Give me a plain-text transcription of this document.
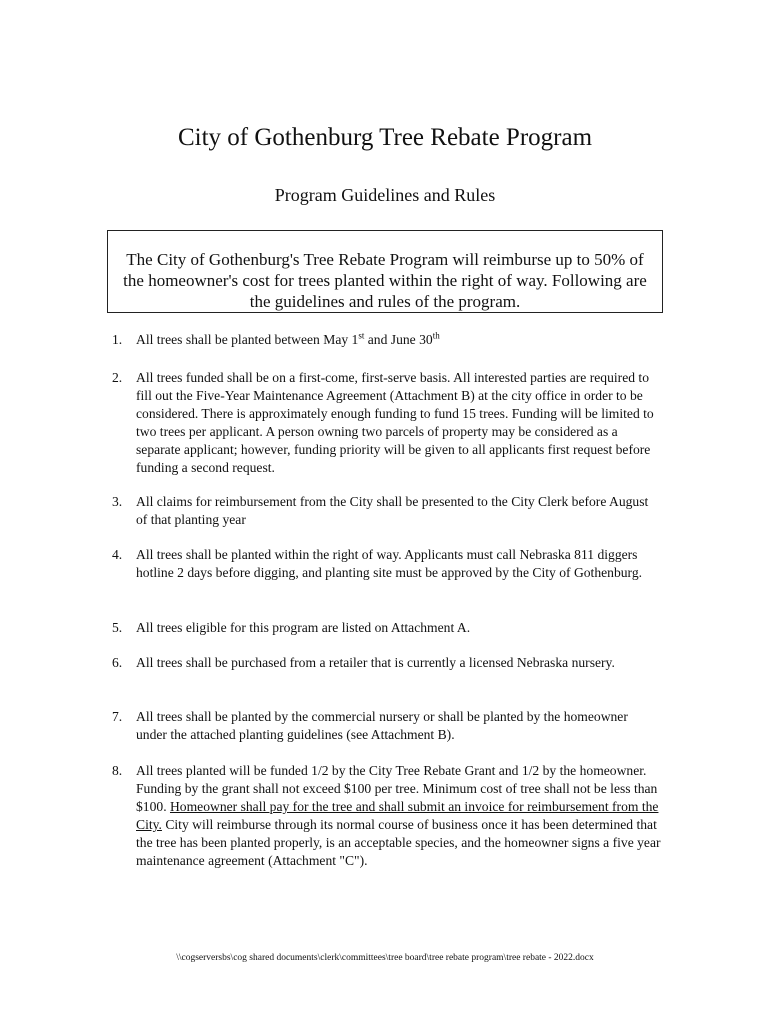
City of Gothenburg Tree Rebate Program
Program Guidelines and Rules
The City of Gothenburg's Tree Rebate Program will reimburse up to 50% of the homeowner's cost for trees planted within the right of way. Following are the guidelines and rules of the program.
1.	All trees shall be planted between May 1st and June 30th
2.	All trees funded shall be on a first-come, first-serve basis. All interested parties are required to fill out the Five-Year Maintenance Agreement (Attachment B) at the city office in order to be considered. There is approximately enough funding to fund 15 trees. Funding will be limited to two trees per applicant. A person owning two parcels of property may be considered as a separate applicant; however, funding priority will be given to all applicants first request before funding a second request.
3.	All claims for reimbursement from the City shall be presented to the City Clerk before August of that planting year
4.	All trees shall be planted within the right of way. Applicants must call Nebraska 811 diggers hotline 2 days before digging, and planting site must be approved by the City of Gothenburg.
5.	All trees eligible for this program are listed on Attachment A.
6.	All trees shall be purchased from a retailer that is currently a licensed Nebraska nursery.
7.	All trees shall be planted by the commercial nursery or shall be planted by the homeowner under the attached planting guidelines (see Attachment B).
8.	All trees planted will be funded 1/2 by the City Tree Rebate Grant and 1/2 by the homeowner. Funding by the grant shall not exceed $100 per tree. Minimum cost of tree shall not be less than $100. Homeowner shall pay for the tree and shall submit an invoice for reimbursement from the City. City will reimburse through its normal course of business once it has been determined that the tree has been planted properly, is an acceptable species, and the homeowner signs a five year maintenance agreement (Attachment "C").
\\cogserversbs\cog shared documents\clerk\committees\tree board\tree rebate program\tree rebate - 2022.docx
